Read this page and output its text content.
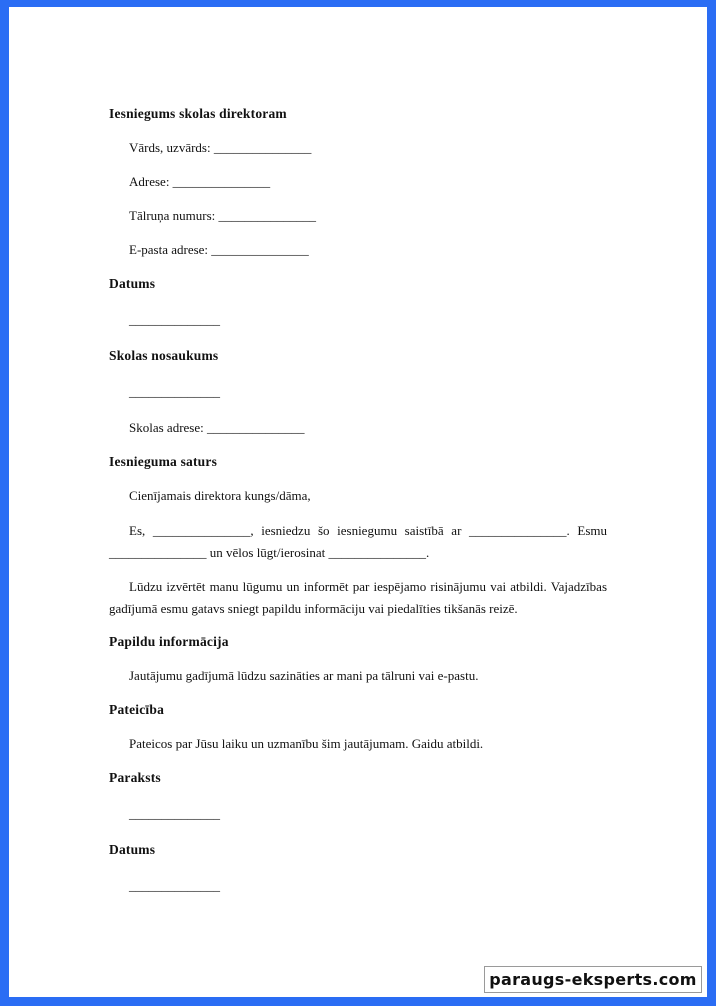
Iesniegums skolas direktoram
Vārds, uzvārds: _______________
Adrese: _______________
Tālruņa numurs: _______________
E-pasta adrese: _______________
Datums
______________
Skolas nosaukums
______________
Skolas adrese: _______________
Iesnieguma saturs
Cienījamais direktora kungs/dāma,
Es, _______________, iesniedzu šo iesniegumu saistībā ar _______________. Esmu _______________ un vēlos lūgt/ierosinat _______________.
Lūdzu izvērtēt manu lūgumu un informēt par iespējamo risinājumu vai atbildi. Vajadzības gadījumā esmu gatavs sniegt papildu informāciju vai piedalīties tikšanās reizē.
Papildu informācija
Jautājumu gadījumā lūdzu sazināties ar mani pa tālruni vai e-pastu.
Pateicība
Pateicos par Jūsu laiku un uzmanību šim jautājumam. Gaidu atbildi.
Paraksts
______________
Datums
______________
paraugs-eksperts.com
